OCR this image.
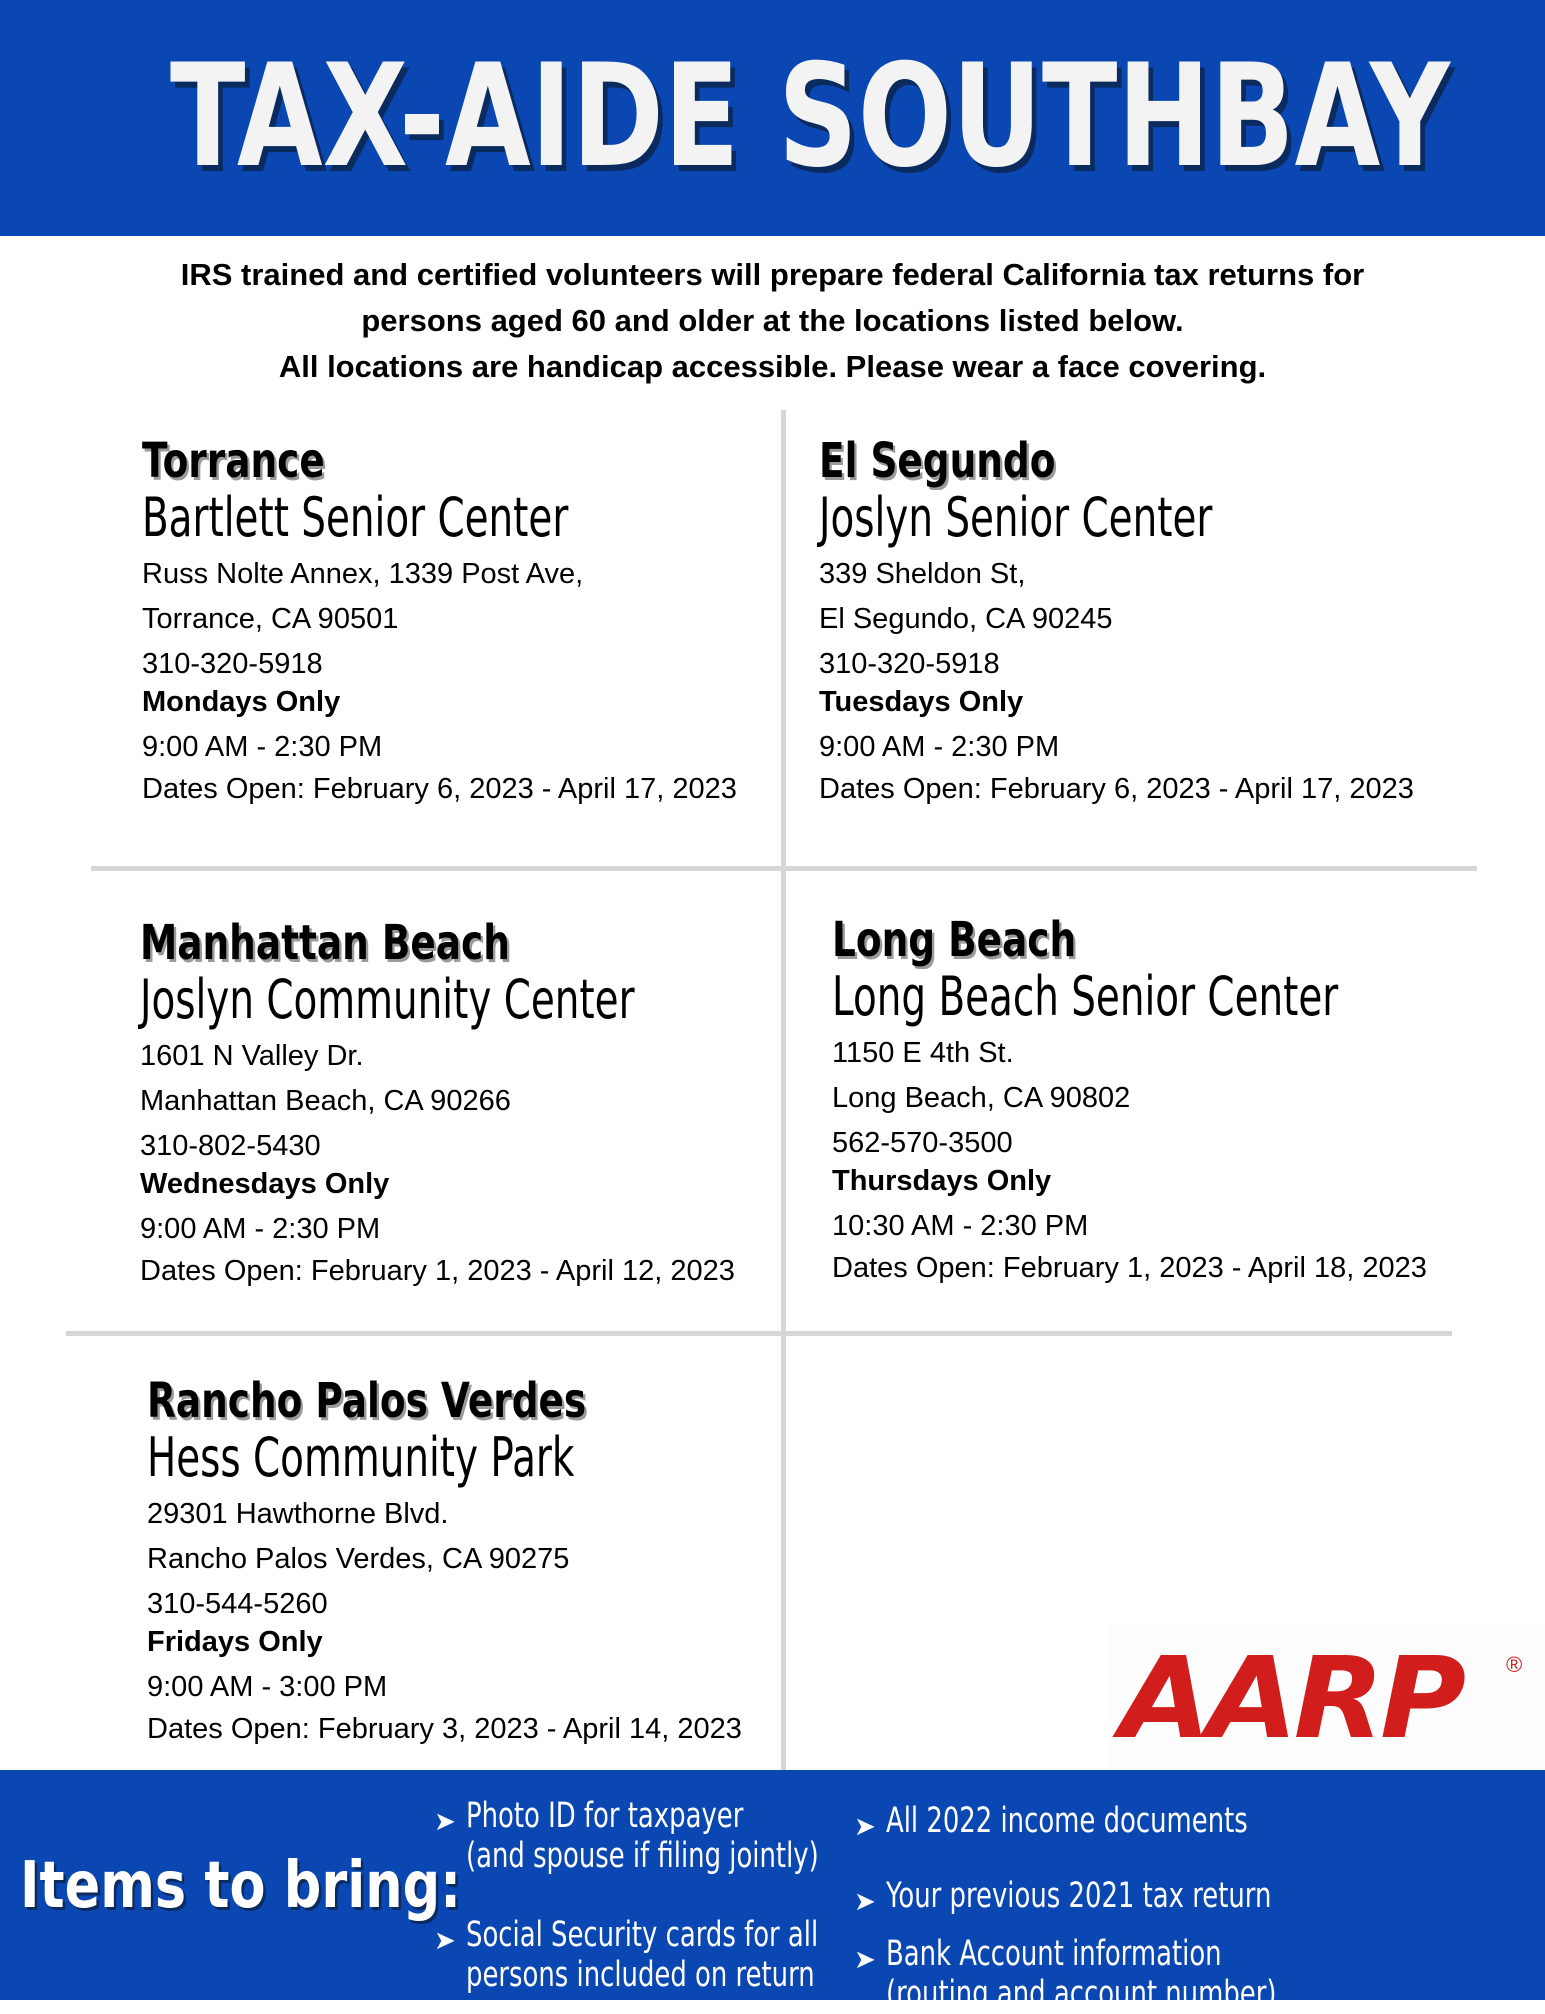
TAX-AIDE SOUTHBAY
IRS trained and certified volunteers will prepare federal California tax returns for
persons aged 60 and older at the locations listed below.
All locations are handicap accessible. Please wear a face covering.
Torrance
Bartlett Senior Center
Russ Nolte Annex, 1339 Post Ave,
Torrance, CA 90501
310-320-5918
Mondays Only
9:00 AM - 2:30 PM
Dates Open: February 6, 2023 - April 17, 2023
El Segundo
Joslyn Senior Center
339 Sheldon St,
El Segundo, CA 90245
310-320-5918
Tuesdays Only
9:00 AM - 2:30 PM
Dates Open: February 6, 2023 - April 17, 2023
Manhattan Beach
Joslyn Community Center
1601 N Valley Dr.
Manhattan Beach, CA 90266
310-802-5430
Wednesdays Only
9:00 AM - 2:30 PM
Dates Open: February 1, 2023 - April 12, 2023
Long Beach
Long Beach Senior Center
1150 E 4th St.
Long Beach, CA 90802
562-570-3500
Thursdays Only
10:30 AM - 2:30 PM
Dates Open: February 1, 2023 - April 18, 2023
Rancho Palos Verdes
Hess Community Park
29301 Hawthorne Blvd.
Rancho Palos Verdes, CA 90275
310-544-5260
Fridays Only
9:00 AM - 3:00 PM
Dates Open: February 3, 2023 - April 14, 2023	AARP ®
Items to bring:
➤ Photo ID for taxpayer
(and spouse if filing jointly)
➤ Social Security cards for all
persons included on return
➤ All 2022 income documents
➤ Your previous 2021 tax return
➤ Bank Account information
(routing and account number)
